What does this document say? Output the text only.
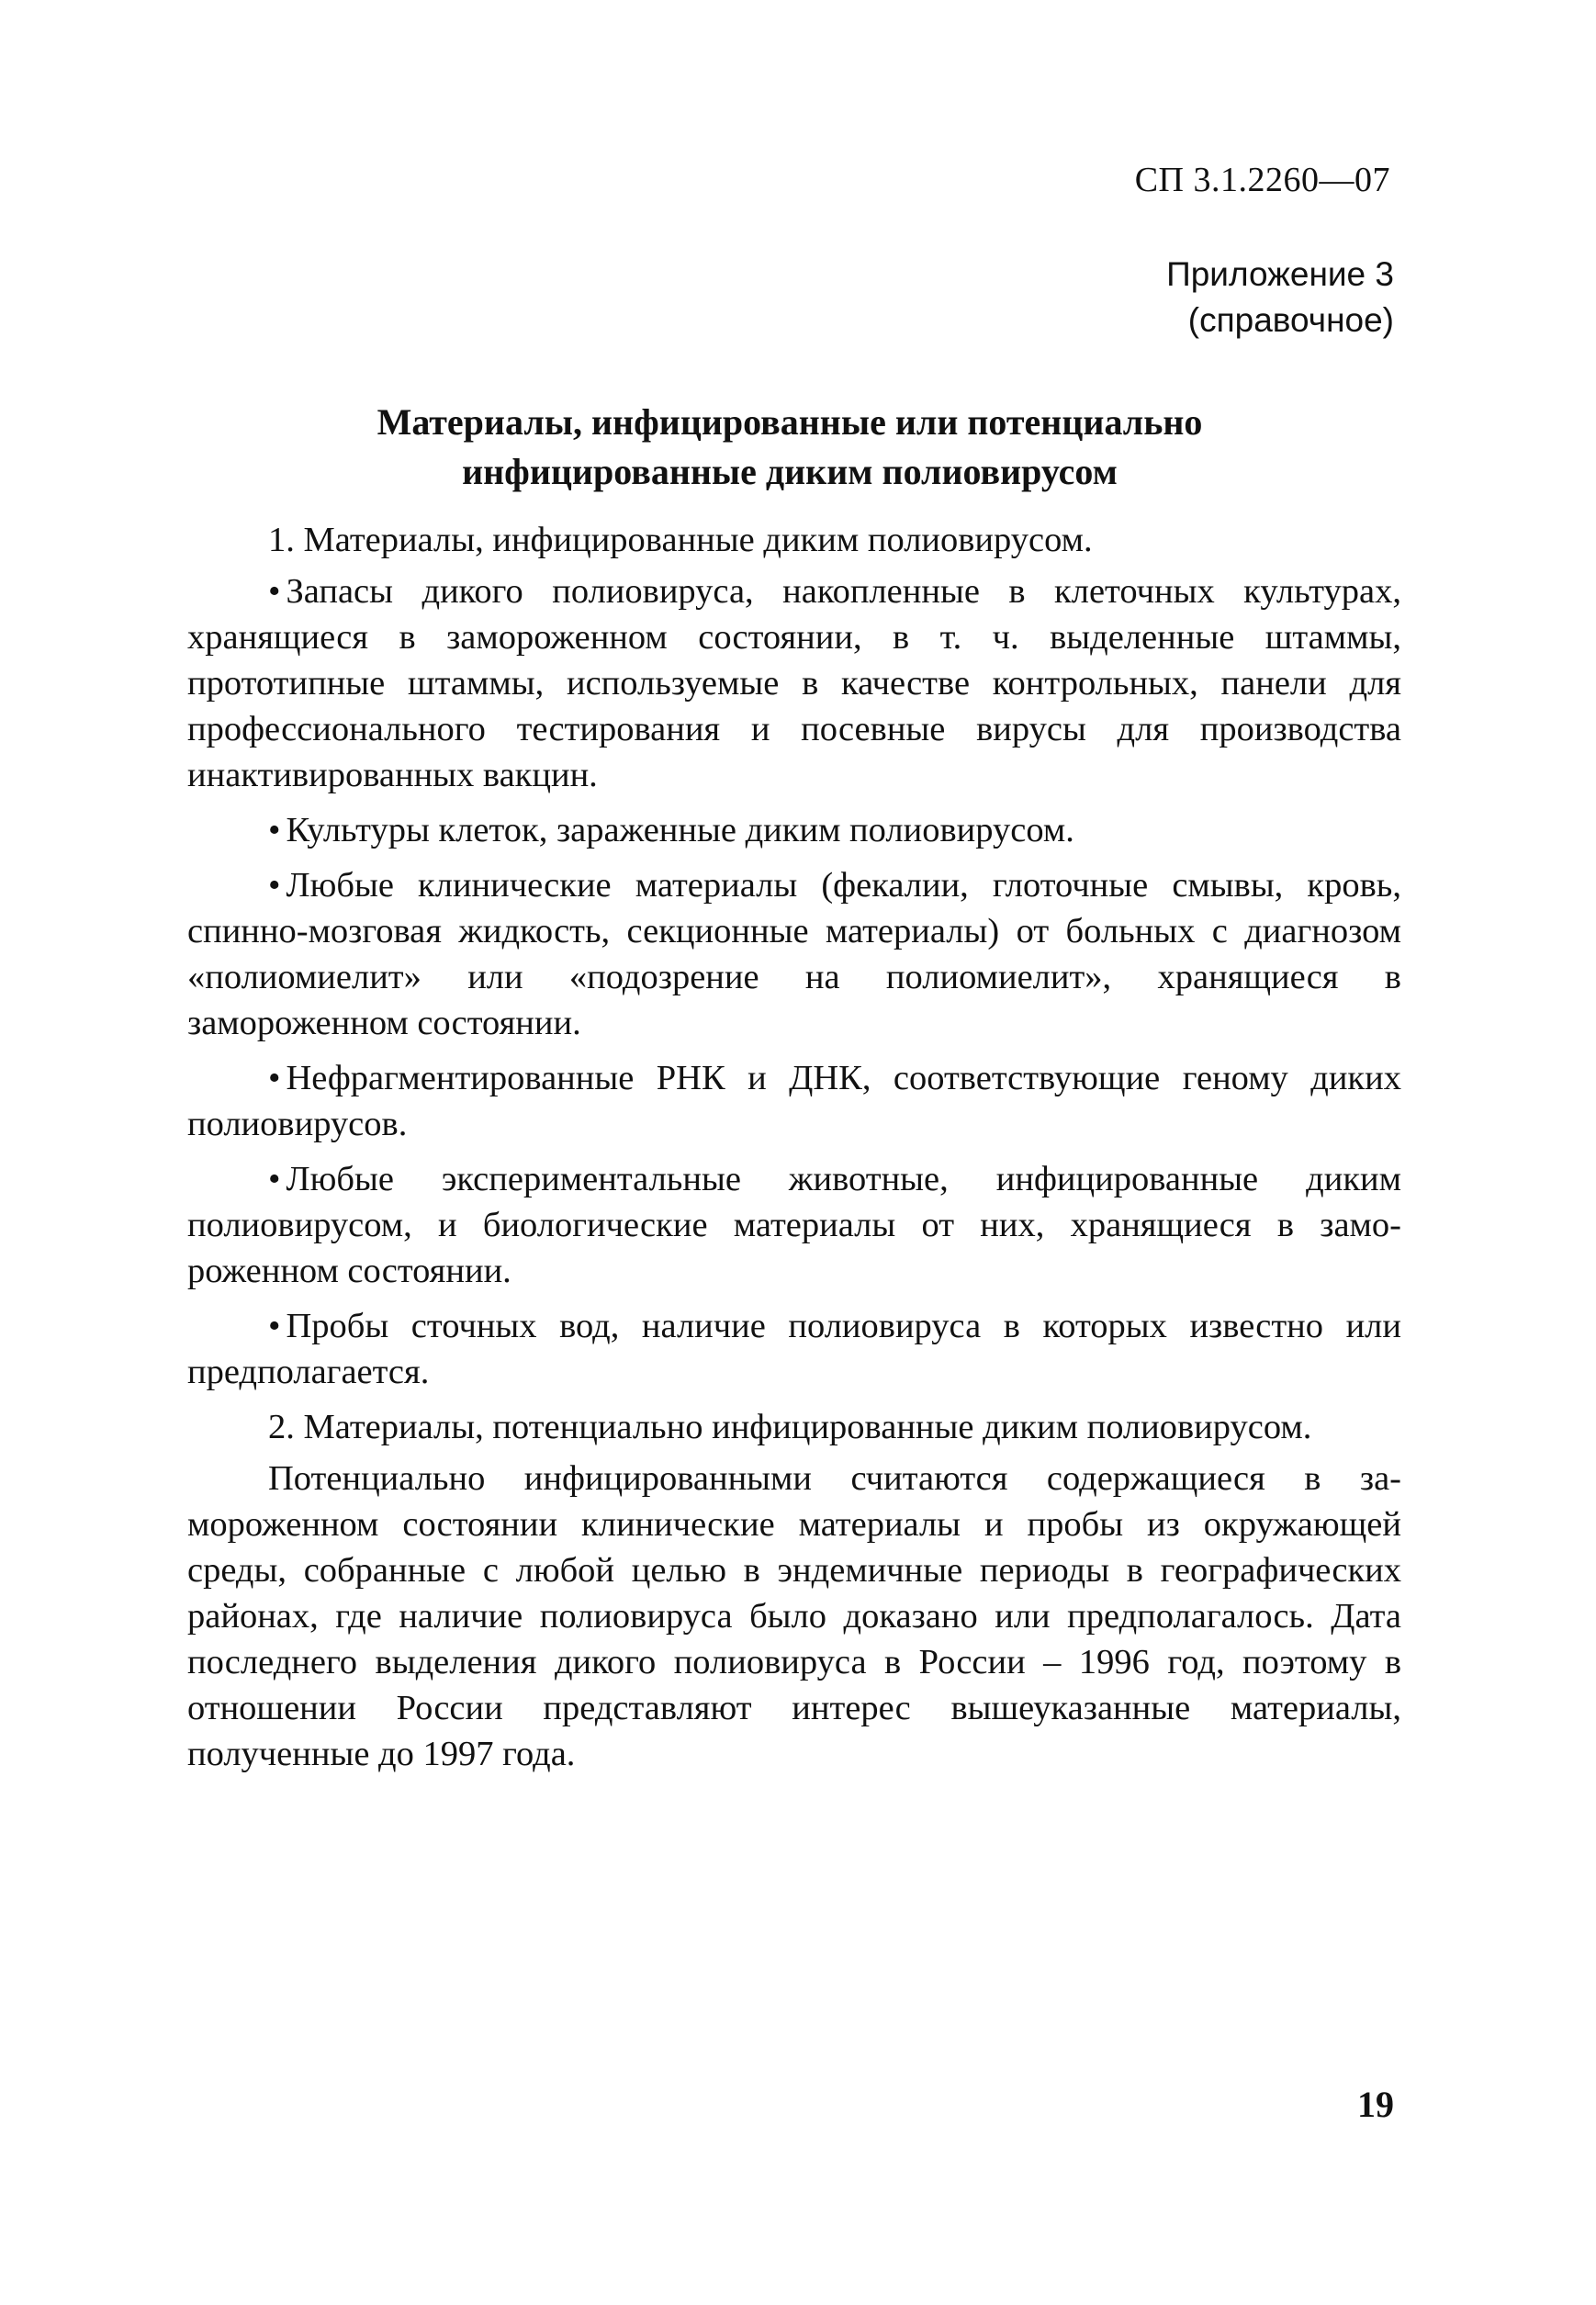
СП 3.1.2260—07
Приложение 3
(справочное)
Материалы, инфицированные или потенциально
инфицированные диким полиовирусом

1. Материалы, инфицированные диким полиовирусом.

• Запасы дикого полиовируса, накопленные в клеточных культурах, хранящиеся в замороженном состоянии, в т. ч. выделенные штаммы, прототипные штаммы, используемые в качестве контрольных, панели для профессионального тестирования и посевные вирусы для производства инактивированных вакцин.

• Культуры клеток, зараженные диким полиовирусом.

• Любые клинические материалы (фекалии, глоточные смывы, кровь, спинно-мозговая жидкость, секционные материалы) от больных с диагнозом «полиомиелит» или «подозрение на полиомиелит», хранящиеся в замороженном состоянии.

• Нефрагментированные РНК и ДНК, соответствующие геному диких полиовирусов.

• Любые экспериментальные животные, инфицированные диким полиовирусом, и биологические материалы от них, хранящиеся в замороженном состоянии.

• Пробы сточных вод, наличие полиовируса в которых известно или предполагается.

2. Материалы, потенциально инфицированные диким полиовирусом.

Потенциально инфицированными считаются содержащиеся в замороженном состоянии клинические материалы и пробы из окружающей среды, собранные с любой целью в эндемичные периоды в географических районах, где наличие полиовируса было доказано или предполагалось. Дата последнего выделения дикого полиовируса в России – 1996 год, поэтому в отношении России представляют интерес вышеуказанные материалы, полученные до 1997 года.

19
